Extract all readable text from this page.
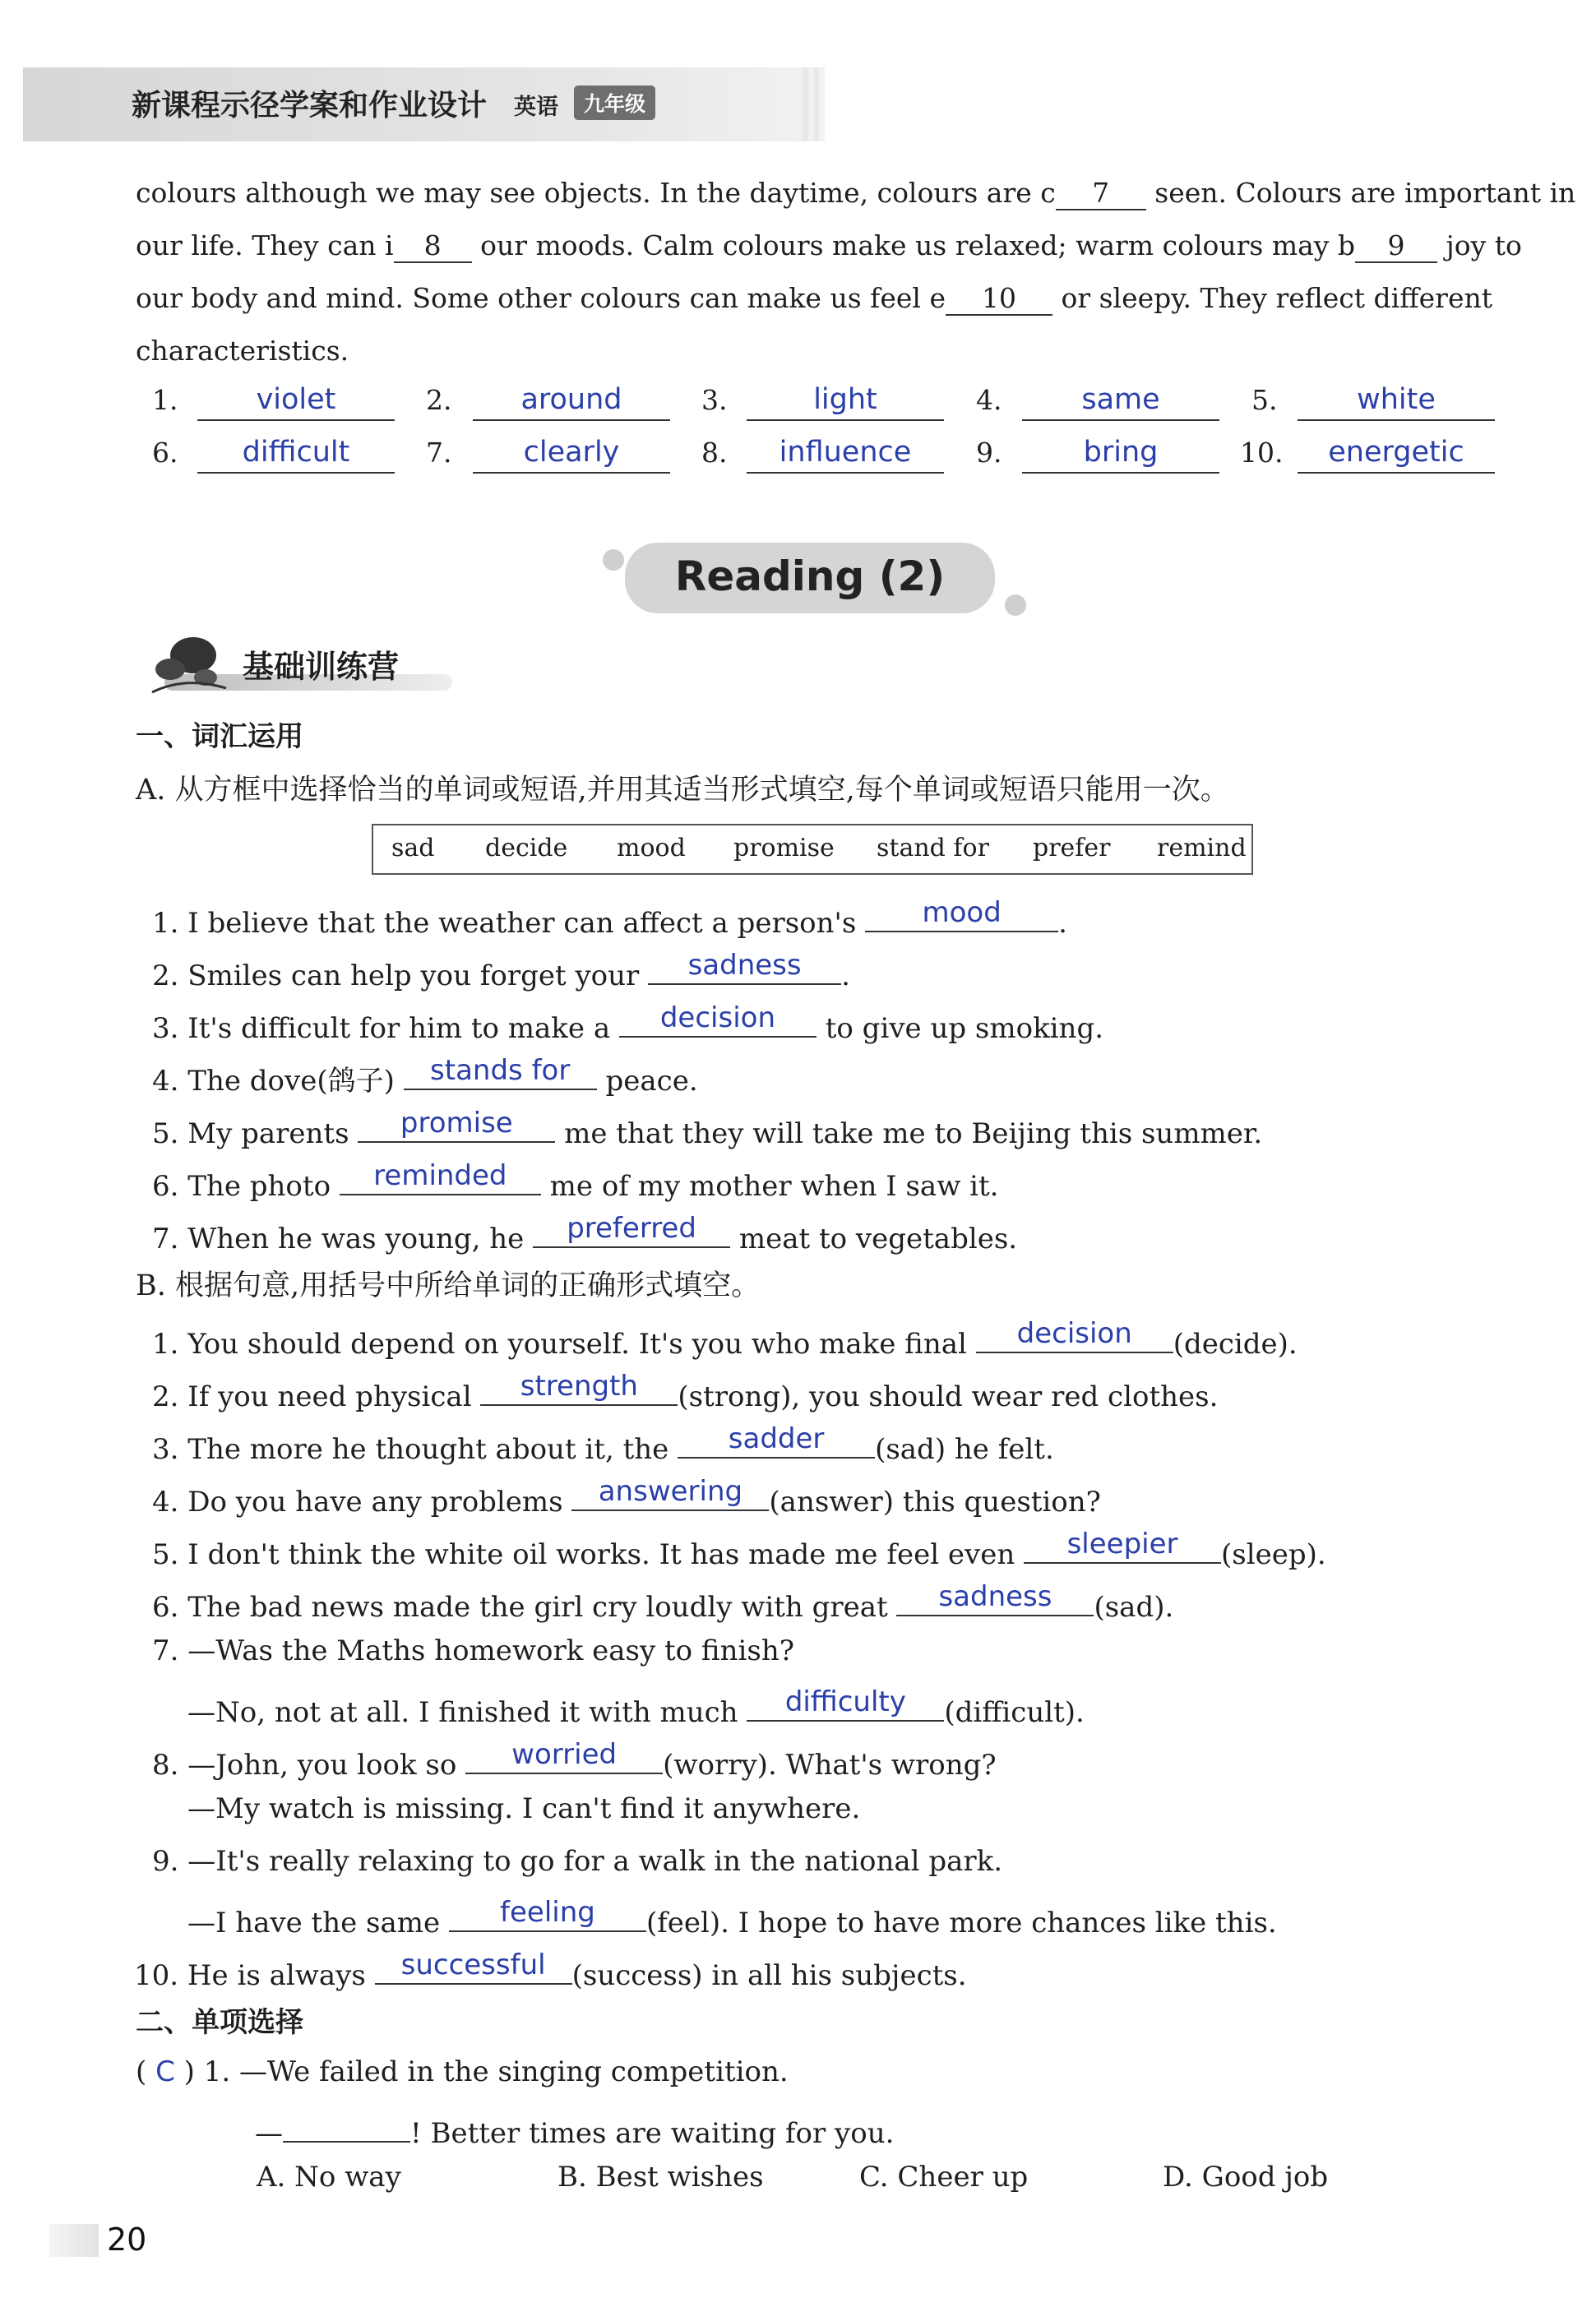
新课程示径学案和作业设计 英语	九年级
colours although we may see objects. In the daytime, colours are c 7 seen. Colours are important in
our life. They can i 8 our moods. Calm colours make us relaxed; warm colours may b 9 joy to
our body and mind. Some other colours can make us feel e 10 or sleepy. They reflect different
characteristics.
1.	violet	2.	around	3.	light	4.	same	5.	white
6.	difficult	7.	clearly	8.	influence	9.	bring	10.	energetic
Reading (2)
基础训练营
一、词汇运用
A. 从方框中选择恰当的单词或短语,并用其适当形式填空,每个单词或短语只能用一次。
sad decide mood promise stand for prefer remind
1. I believe that the weather can affect a person's	mood	.
2. Smiles can help you forget your	sadness	.
3. It's difficult for him to make a	decision	to give up smoking.
4. The dove(鸽子)	stands for	peace.
5. My parents	promise	me that they will take me to Beijing this summer.
6. The photo	reminded	me of my mother when I saw it.
7. When he was young, he	preferred	meat to vegetables.
B. 根据句意,用括号中所给单词的正确形式填空。
1. You should depend on yourself. It's you who make final	decision	(decide).
2. If you need physical	strength	(strong), you should wear red clothes.
3. The more he thought about it, the	sadder	(sad) he felt.
4. Do you have any problems	answering (answer) this question?
5. I don't think the white oil works. It has made me feel even	sleepier	(sleep).
6. The bad news made the girl cry loudly with great	sadness	(sad).
7. —Was the Maths homework easy to finish?
—No, not at all. I finished it with much	difficulty	(difficult).
8. —John, you look so	worried	(worry). What's wrong?
—My watch is missing. I can't find it anywhere.
9. —It's really relaxing to go for a walk in the national park.
—I have the same	feeling	(feel). I hope to have more chances like this.
10. He is always	successful (success) in all his subjects.
二、单项选择
( C ) 1. —We failed in the singing competition.
—	! Better times are waiting for you.
A. No way	B. Best wishes	C. Cheer up	D. Good job
20
